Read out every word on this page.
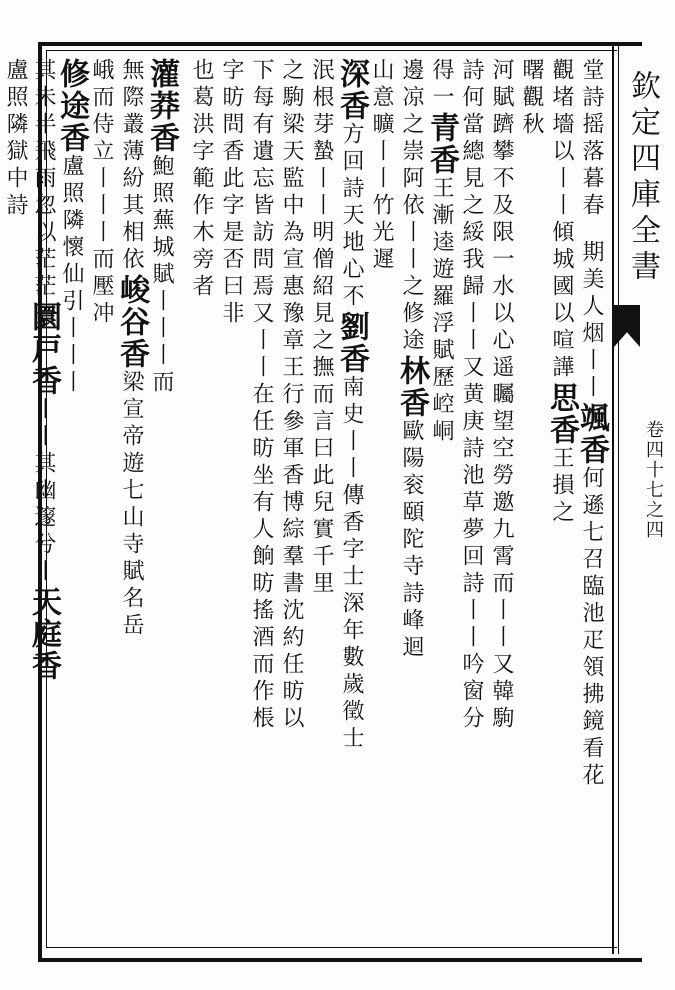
欽定四庫全書
卷四十七之四
堂詩摇落暮春期美人烟丨丨颯香何遜七召臨池疋領拂鏡看花
觀堵墻以丨丨傾城國以喧譁思香王損之
曙觀秋
河賦躋攀不及限一水以心遥矚望空勞邀九霄而丨丨又韓駒
詩何當總見之綏我歸丨丨又黄庚詩池草夢回詩丨丨吟窗分
得一青香王漸逵遊羅浮賦歷崆峒
邊凉之崇阿依丨丨之修途林香歐陽衮頤陀寺詩峰迴
山意曠丨丨竹光遲
深香方回詩天地心不劉香南史丨丨傳香字士深年數歲徵士
泯根芽蟄丨丨明僧紹見之撫而言曰此兒實千里
之駒梁天監中為宣惠豫章王行參軍香博綜羣書沈約任昉以
下每有遺忘皆訪問焉又丨丨在任昉坐有人餉昉搖酒而作棖
字昉問香此字是否曰非
也葛洪字範作木旁者
灌莽香鮑照蕪城賦丨丨丨而
無際叢薄紛其相依峻谷香梁宣帝遊七山寺賦名岳
峨而侍立丨丨丨而壓冲
修途香盧照隣懷仙引丨丨丨
其未半飛雨忽以茫茫圜戸香丨丨其幽邃兮丨天庭香
盧照隣獄中詩
